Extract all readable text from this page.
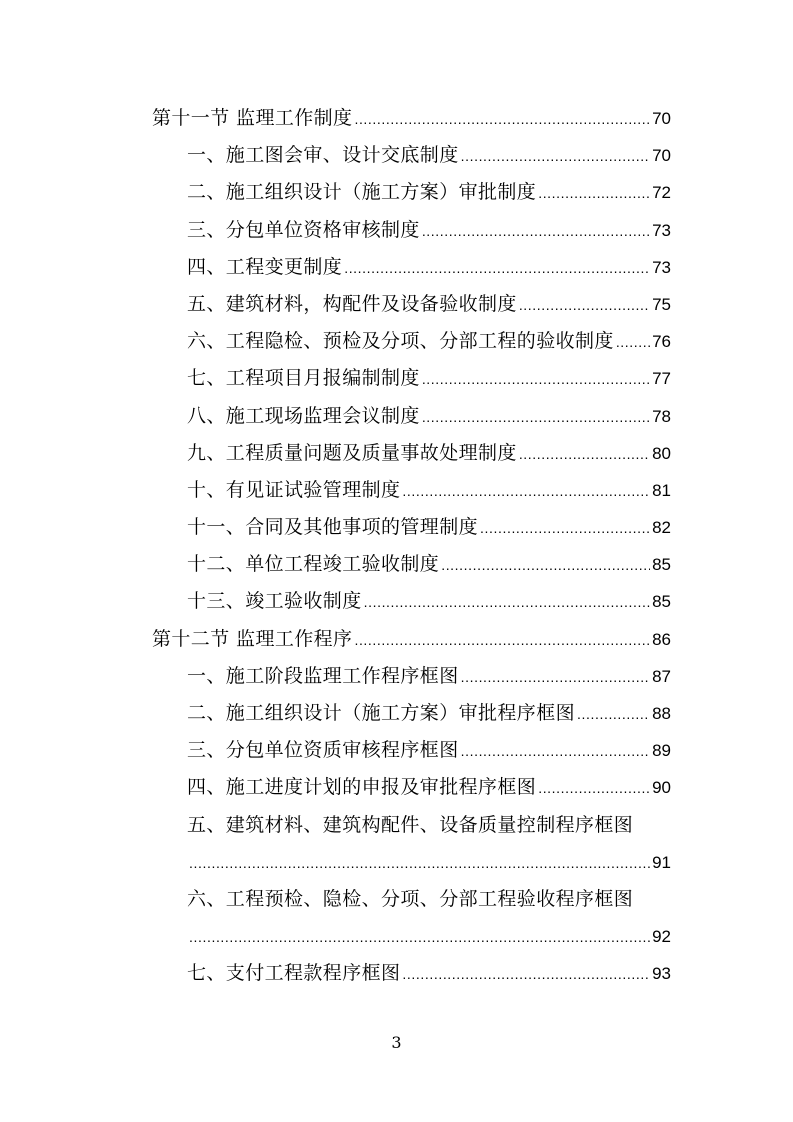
第十一节 监理工作制度 .....	70
一、施工图会审、设计交底制度 .....	70
二、施工组织设计（施工方案）审批制度 .....	72
三、分包单位资格审核制度 .....	73
四、工程变更制度 .....	73
五、建筑材料，构配件及设备验收制度 .....	75
六、工程隐检、预检及分项、分部工程的验收制度 ..... 76
七、工程项目月报编制制度 .....	77
八、施工现场监理会议制度 .....	78
九、工程质量问题及质量事故处理制度 .....	80
十、有见证试验管理制度 .....	81
十一、合同及其他事项的管理制度 .....	82
十二、单位工程竣工验收制度 .....	85
十三、竣工验收制度 .....	85
第十二节 监理工作程序 .....	86
一、施工阶段监理工作程序框图 .....	87
二、施工组织设计（施工方案）审批程序框图 .....	88
三、分包单位资质审核程序框图 .....	89
四、施工进度计划的申报及审批程序框图 .....	90
五、建筑材料、建筑构配件、设备质量控制程序框图
.....
91
六、工程预检、隐检、分项、分部工程验收程序框图
.....
92
七、支付工程款程序框图 .....	93
3
